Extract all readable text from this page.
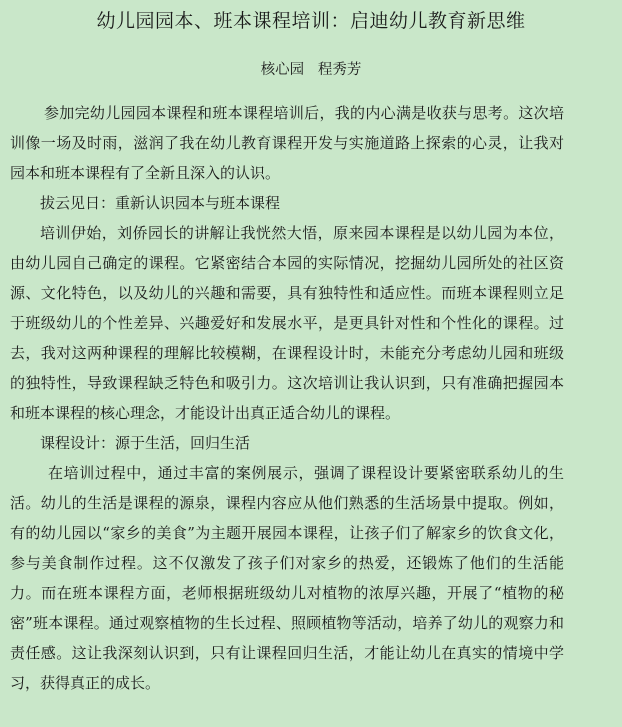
幼儿园园本、班本课程培训：启迪幼儿教育新思维

核心园   程秀芳

参加完幼儿园园本课程和班本课程培训后，我的内心满是收获与思考。这次培训像一场及时雨，滋润了我在幼儿教育课程开发与实施道路上探索的心灵，让我对园本和班本课程有了全新且深入的认识。

拔云见日：重新认识园本与班本课程

培训伊始，刘侨园长的讲解让我恍然大悟，原来园本课程是以幼儿园为本位，由幼儿园自己确定的课程。它紧密结合本园的实际情况，挖掘幼儿园所处的社区资源、文化特色，以及幼儿的兴趣和需要，具有独特性和适应性。而班本课程则立足于班级幼儿的个性差异、兴趣爱好和发展水平，是更具针对性和个性化的课程。过去，我对这两种课程的理解比较模糊，在课程设计时，未能充分考虑幼儿园和班级的独特性，导致课程缺乏特色和吸引力。这次培训让我认识到，只有准确把握园本和班本课程的核心理念，才能设计出真正适合幼儿的课程。

课程设计：源于生活，回归生活

在培训过程中，通过丰富的案例展示，强调了课程设计要紧密联系幼儿的生活。幼儿的生活是课程的源泉，课程内容应从他们熟悉的生活场景中提取。例如，有的幼儿园以“家乡的美食”为主题开展园本课程，让孩子们了解家乡的饮食文化，参与美食制作过程。这不仅激发了孩子们对家乡的热爱，还锻炼了他们的生活能力。而在班本课程方面，老师根据班级幼儿对植物的浓厚兴趣，开展了“植物的秘密”班本课程。通过观察植物的生长过程、照顾植物等活动，培养了幼儿的观察力和责任感。这让我深刻认识到，只有让课程回归生活，才能让幼儿在真实的情境中学习，获得真正的成长。
